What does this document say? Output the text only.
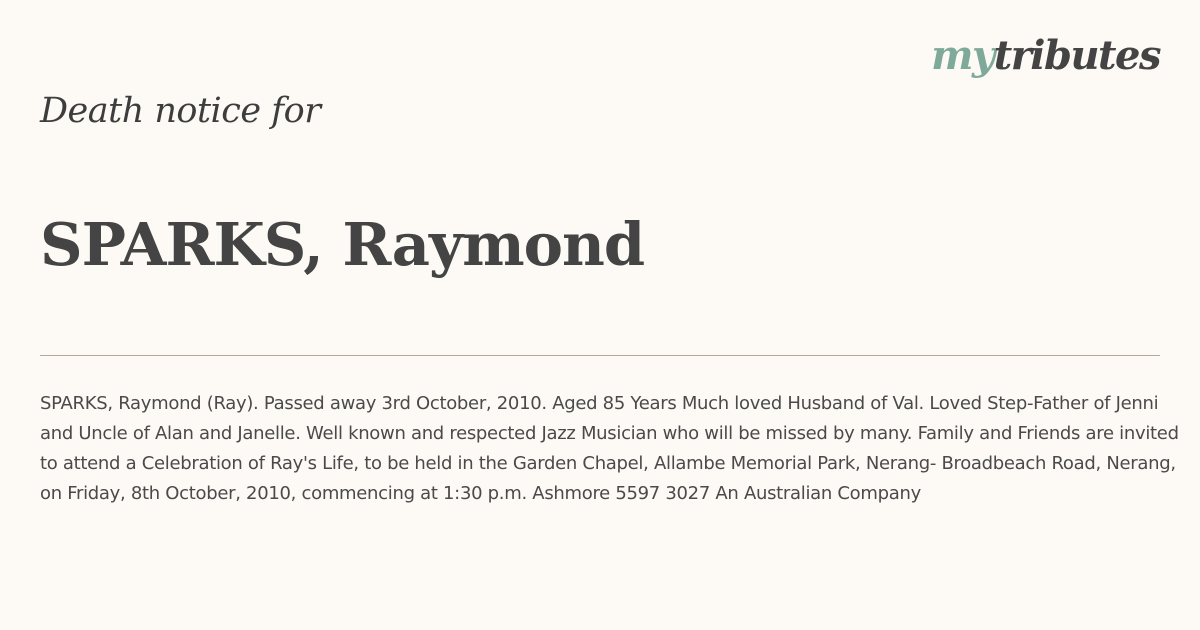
mytributes
Death notice for
SPARKS, Raymond

SPARKS, Raymond (Ray). Passed away 3rd October, 2010. Aged 85 Years Much loved Husband of Val. Loved Step-Father of Jenni and Uncle of Alan and Janelle. Well known and respected Jazz Musician who will be missed by many. Family and Friends are invited to attend a Celebration of Ray's Life, to be held in the Garden Chapel, Allambe Memorial Park, Nerang- Broadbeach Road, Nerang, on Friday, 8th October, 2010, commencing at 1:30 p.m. Ashmore 5597 3027 An Australian Company
